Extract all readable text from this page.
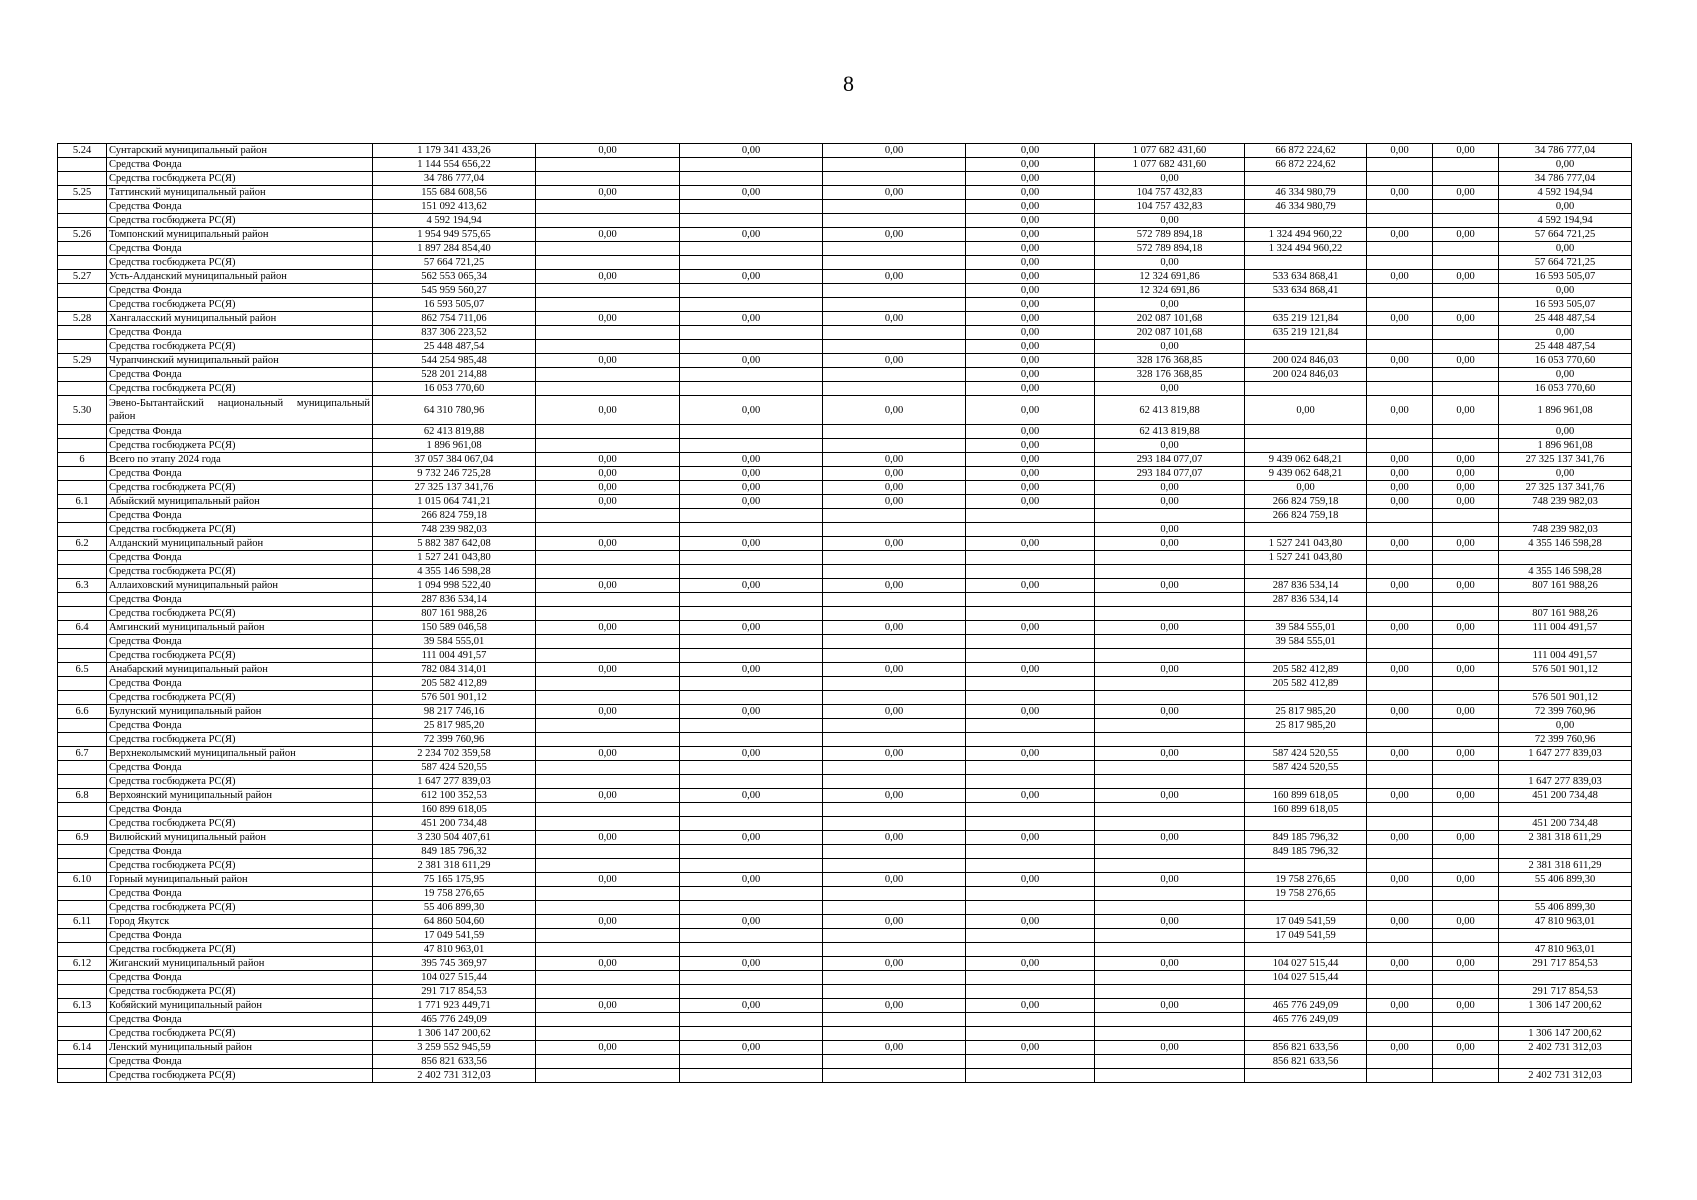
8
5.24	Сунтарский муниципальный район	1 179 341 433,26	0,00	0,00	0,00	0,00	1 077 682 431,60	66 872 224,62	0,00	0,00	34 786 777,04
	Средства Фонда	1 144 554 656,22				0,00	1 077 682 431,60	66 872 224,62			0,00
	Средства госбюджета РС(Я)	34 786 777,04				0,00	0,00				34 786 777,04
5.25	Таттинский муниципальный район	155 684 608,56	0,00	0,00	0,00	0,00	104 757 432,83	46 334 980,79	0,00	0,00	4 592 194,94
	Средства Фонда	151 092 413,62				0,00	104 757 432,83	46 334 980,79			0,00
	Средства госбюджета РС(Я)	4 592 194,94				0,00	0,00				4 592 194,94
5.26	Томпонский муниципальный район	1 954 949 575,65	0,00	0,00	0,00	0,00	572 789 894,18	1 324 494 960,22	0,00	0,00	57 664 721,25
	Средства Фонда	1 897 284 854,40				0,00	572 789 894,18	1 324 494 960,22			0,00
	Средства госбюджета РС(Я)	57 664 721,25				0,00	0,00				57 664 721,25
5.27	Усть-Алданский муниципальный район	562 553 065,34	0,00	0,00	0,00	0,00	12 324 691,86	533 634 868,41	0,00	0,00	16 593 505,07
	Средства Фонда	545 959 560,27				0,00	12 324 691,86	533 634 868,41			0,00
	Средства госбюджета РС(Я)	16 593 505,07				0,00	0,00				16 593 505,07
5.28	Хангаласский муниципальный район	862 754 711,06	0,00	0,00	0,00	0,00	202 087 101,68	635 219 121,84	0,00	0,00	25 448 487,54
	Средства Фонда	837 306 223,52				0,00	202 087 101,68	635 219 121,84			0,00
	Средства госбюджета РС(Я)	25 448 487,54				0,00	0,00				25 448 487,54
5.29	Чурапчинский муниципальный район	544 254 985,48	0,00	0,00	0,00	0,00	328 176 368,85	200 024 846,03	0,00	0,00	16 053 770,60
	Средства Фонда	528 201 214,88				0,00	328 176 368,85	200 024 846,03			0,00
	Средства госбюджета РС(Я)	16 053 770,60				0,00	0,00				16 053 770,60
5.30	Эвено-Бытантайский национальный муниципальный район	64 310 780,96	0,00	0,00	0,00	0,00	62 413 819,88	0,00	0,00	0,00	1 896 961,08
	Средства Фонда	62 413 819,88				0,00	62 413 819,88				0,00
	Средства госбюджета РС(Я)	1 896 961,08				0,00	0,00				1 896 961,08
6	Всего по этапу 2024 года	37 057 384 067,04	0,00	0,00	0,00	0,00	293 184 077,07	9 439 062 648,21	0,00	0,00	27 325 137 341,76
	Средства Фонда	9 732 246 725,28	0,00	0,00	0,00	0,00	293 184 077,07	9 439 062 648,21	0,00	0,00	0,00
	Средства госбюджета РС(Я)	27 325 137 341,76	0,00	0,00	0,00	0,00	0,00	0,00	0,00	0,00	27 325 137 341,76
6.1	Абыйский муниципальный район	1 015 064 741,21	0,00	0,00	0,00	0,00	0,00	266 824 759,18	0,00	0,00	748 239 982,03
	Средства Фонда	266 824 759,18						266 824 759,18			
	Средства госбюджета РС(Я)	748 239 982,03					0,00				748 239 982,03
6.2	Алданский муниципальный район	5 882 387 642,08	0,00	0,00	0,00	0,00	0,00	1 527 241 043,80	0,00	0,00	4 355 146 598,28
	Средства Фонда	1 527 241 043,80						1 527 241 043,80			
	Средства госбюджета РС(Я)	4 355 146 598,28									4 355 146 598,28
6.3	Аллаиховский муниципальный район	1 094 998 522,40	0,00	0,00	0,00	0,00	0,00	287 836 534,14	0,00	0,00	807 161 988,26
	Средства Фонда	287 836 534,14						287 836 534,14			
	Средства госбюджета РС(Я)	807 161 988,26									807 161 988,26
6.4	Амгинский муниципальный район	150 589 046,58	0,00	0,00	0,00	0,00	0,00	39 584 555,01	0,00	0,00	111 004 491,57
	Средства Фонда	39 584 555,01						39 584 555,01			
	Средства госбюджета РС(Я)	111 004 491,57									111 004 491,57
6.5	Анабарский муниципальный район	782 084 314,01	0,00	0,00	0,00	0,00	0,00	205 582 412,89	0,00	0,00	576 501 901,12
	Средства Фонда	205 582 412,89						205 582 412,89			
	Средства госбюджета РС(Я)	576 501 901,12									576 501 901,12
6.6	Булунский муниципальный район	98 217 746,16	0,00	0,00	0,00	0,00	0,00	25 817 985,20	0,00	0,00	72 399 760,96
	Средства Фонда	25 817 985,20						25 817 985,20			0,00
	Средства госбюджета РС(Я)	72 399 760,96									72 399 760,96
6.7	Верхнеколымский муниципальный район	2 234 702 359,58	0,00	0,00	0,00	0,00	0,00	587 424 520,55	0,00	0,00	1 647 277 839,03
	Средства Фонда	587 424 520,55						587 424 520,55			
	Средства госбюджета РС(Я)	1 647 277 839,03									1 647 277 839,03
6.8	Верхоянский муниципальный район	612 100 352,53	0,00	0,00	0,00	0,00	0,00	160 899 618,05	0,00	0,00	451 200 734,48
	Средства Фонда	160 899 618,05						160 899 618,05			
	Средства госбюджета РС(Я)	451 200 734,48									451 200 734,48
6.9	Вилюйский муниципальный район	3 230 504 407,61	0,00	0,00	0,00	0,00	0,00	849 185 796,32	0,00	0,00	2 381 318 611,29
	Средства Фонда	849 185 796,32						849 185 796,32			
	Средства госбюджета РС(Я)	2 381 318 611,29									2 381 318 611,29
6.10	Горный муниципальный район	75 165 175,95	0,00	0,00	0,00	0,00	0,00	19 758 276,65	0,00	0,00	55 406 899,30
	Средства Фонда	19 758 276,65						19 758 276,65			
	Средства госбюджета РС(Я)	55 406 899,30									55 406 899,30
6.11	Город Якутск	64 860 504,60	0,00	0,00	0,00	0,00	0,00	17 049 541,59	0,00	0,00	47 810 963,01
	Средства Фонда	17 049 541,59						17 049 541,59			
	Средства госбюджета РС(Я)	47 810 963,01									47 810 963,01
6.12	Жиганский муниципальный район	395 745 369,97	0,00	0,00	0,00	0,00	0,00	104 027 515,44	0,00	0,00	291 717 854,53
	Средства Фонда	104 027 515,44						104 027 515,44			
	Средства госбюджета РС(Я)	291 717 854,53									291 717 854,53
6.13	Кобяйский муниципальный район	1 771 923 449,71	0,00	0,00	0,00	0,00	0,00	465 776 249,09	0,00	0,00	1 306 147 200,62
	Средства Фонда	465 776 249,09						465 776 249,09			
	Средства госбюджета РС(Я)	1 306 147 200,62									1 306 147 200,62
6.14	Ленский муниципальный район	3 259 552 945,59	0,00	0,00	0,00	0,00	0,00	856 821 633,56	0,00	0,00	2 402 731 312,03
	Средства Фонда	856 821 633,56						856 821 633,56			
	Средства госбюджета РС(Я)	2 402 731 312,03									2 402 731 312,03
